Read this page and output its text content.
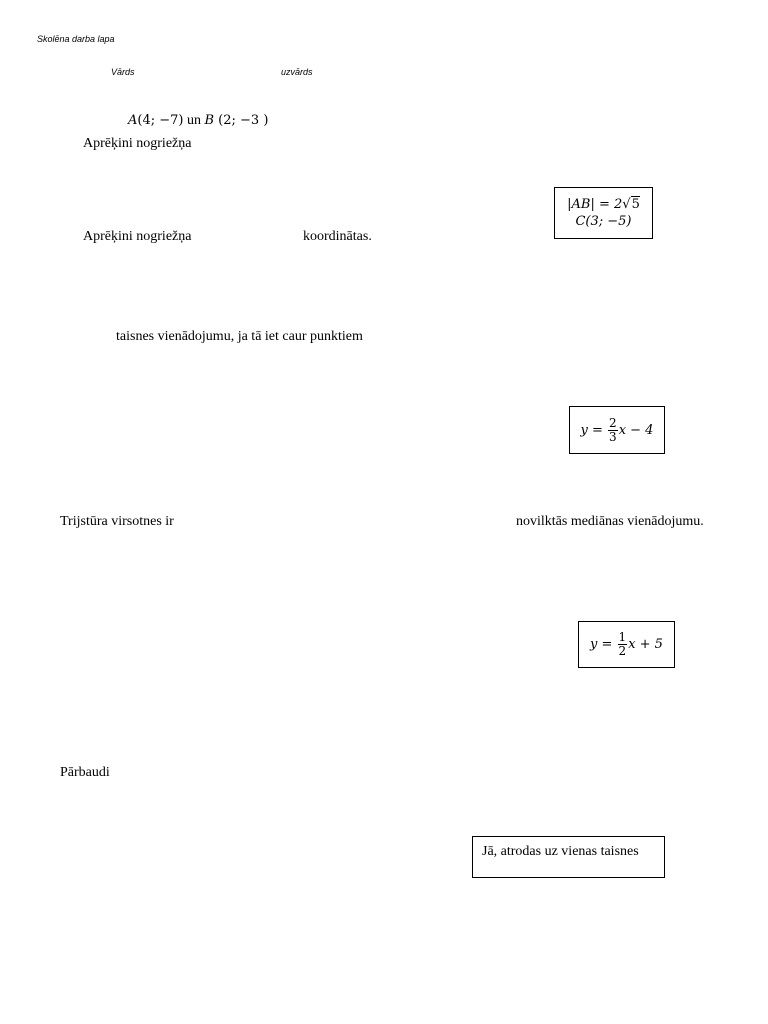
Skolēna darba lapa
Vārds	uzvārds
A(4; −7) un B (2; −3 )
Aprēķini nogriežņa
Aprēķini nogriežņa	koordinātas.
|AB| = 2√5
C(3; −5)
taisnes vienādojumu, ja tā iet caur punktiem
$y = \frac{2}{3}$ x − 4
Trijstūra virsotnes ir	novilktās mediānas vienādojumu.
$y = \frac{1}{2}$ x + 5
Pārbaudi
Jā, atrodas uz vienas taisnes
